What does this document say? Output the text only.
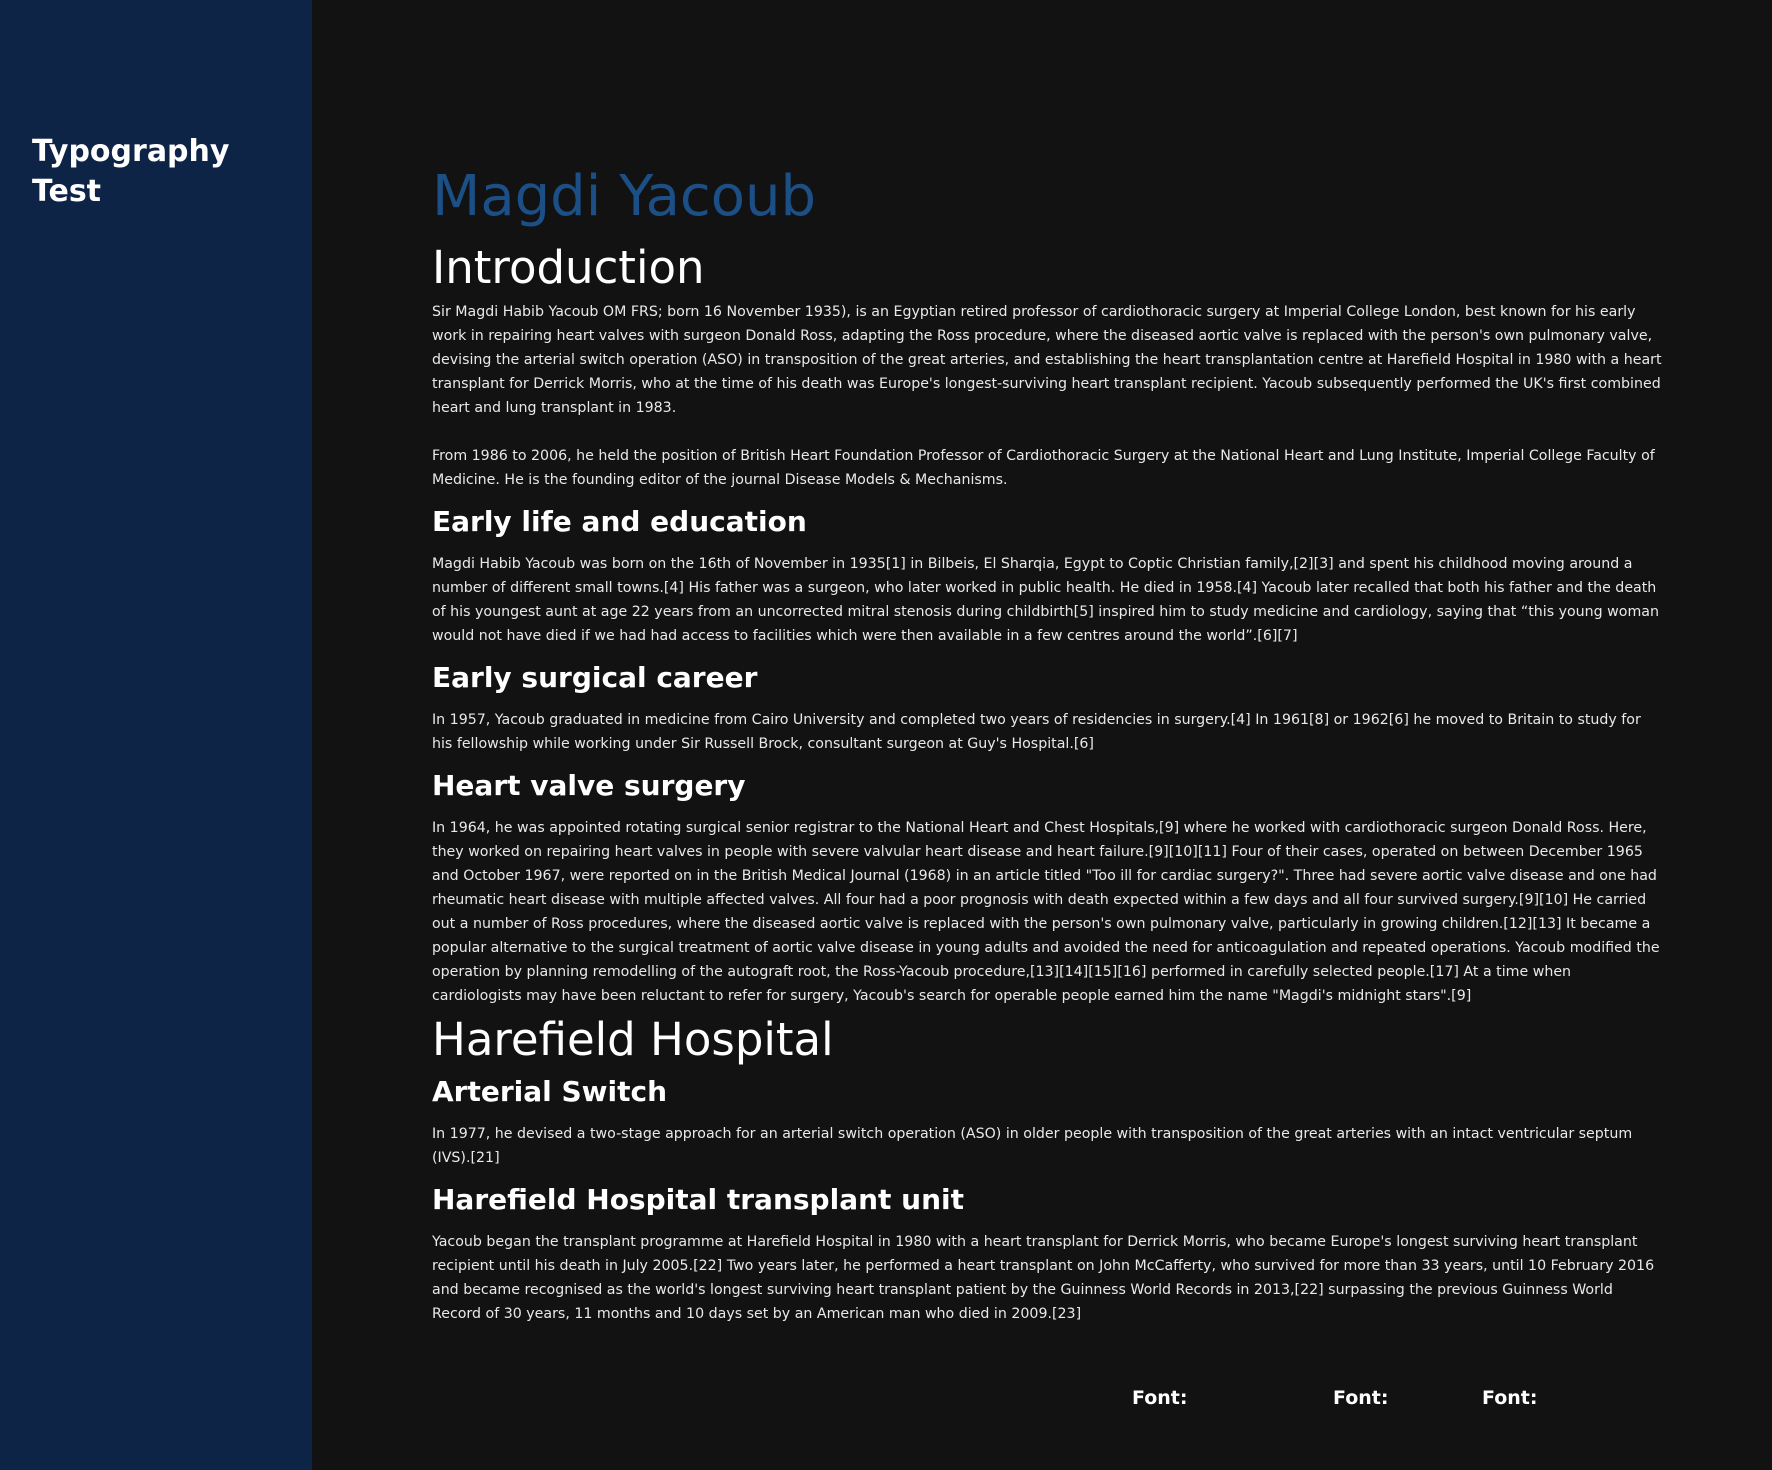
Typography
Test	Magdi Yacoub
Introduction

Sir Magdi Habib Yacoub OM FRS; born 16 November 1935), is an Egyptian retired professor of cardiothoracic surgery at Imperial College London, best known for his early work in repairing heart valves with surgeon Donald Ross, adapting the Ross procedure, where the diseased aortic valve is replaced with the person's own pulmonary valve, devising the arterial switch operation (ASO) in transposition of the great arteries, and establishing the heart transplantation centre at Harefield Hospital in 1980 with a heart transplant for Derrick Morris, who at the time of his death was Europe's longest-surviving heart transplant recipient. Yacoub subsequently performed the UK's first combined heart and lung transplant in 1983.

From 1986 to 2006, he held the position of British Heart Foundation Professor of Cardiothoracic Surgery at the National Heart and Lung Institute, Imperial College Faculty of Medicine. He is the founding editor of the journal Disease Models & Mechanisms.

Early life and education

Magdi Habib Yacoub was born on the 16th of November in 1935[1] in Bilbeis, El Sharqia, Egypt to Coptic Christian family,[2][3] and spent his childhood moving around a number of different small towns.[4] His father was a surgeon, who later worked in public health. He died in 1958.[4] Yacoub later recalled that both his father and the death of his youngest aunt at age 22 years from an uncorrected mitral stenosis during childbirth[5] inspired him to study medicine and cardiology, saying that “this young woman would not have died if we had had access to facilities which were then available in a few centres around the world”.[6][7]

Early surgical career

In 1957, Yacoub graduated in medicine from Cairo University and completed two years of residencies in surgery.[4] In 1961[8] or 1962[6] he moved to Britain to study for his fellowship while working under Sir Russell Brock, consultant surgeon at Guy's Hospital.[6]

Heart valve surgery

In 1964, he was appointed rotating surgical senior registrar to the National Heart and Chest Hospitals,[9] where he worked with cardiothoracic surgeon Donald Ross. Here, they worked on repairing heart valves in people with severe valvular heart disease and heart failure.[9][10][11] Four of their cases, operated on between December 1965 and October 1967, were reported on in the British Medical Journal (1968) in an article titled "Too ill for cardiac surgery?". Three had severe aortic valve disease and one had rheumatic heart disease with multiple affected valves. All four had a poor prognosis with death expected within a few days and all four survived surgery.[9][10] He carried out a number of Ross procedures, where the diseased aortic valve is replaced with the person's own pulmonary valve, particularly in growing children.[12][13] It became a popular alternative to the surgical treatment of aortic valve disease in young adults and avoided the need for anticoagulation and repeated operations. Yacoub modified the operation by planning remodelling of the autograft root, the Ross-Yacoub procedure,[13][14][15][16] performed in carefully selected people.[17] At a time when cardiologists may have been reluctant to refer for surgery, Yacoub's search for operable people earned him the name "Magdi's midnight stars".[9]

Harefield Hospital
Arterial Switch

In 1977, he devised a two-stage approach for an arterial switch operation (ASO) in older people with transposition of the great arteries with an intact ventricular septum (IVS).[21]

Harefield Hospital transplant unit

Yacoub began the transplant programme at Harefield Hospital in 1980 with a heart transplant for Derrick Morris, who became Europe's longest surviving heart transplant recipient until his death in July 2005.[22] Two years later, he performed a heart transplant on John McCafferty, who survived for more than 33 years, until 10 February 2016 and became recognised as the world's longest surviving heart transplant patient by the Guinness World Records in 2013,[22] surpassing the previous Guinness World Record of 30 years, 11 months and 10 days set by an American man who died in 2009.[23]

Font:	Font:	Font:
